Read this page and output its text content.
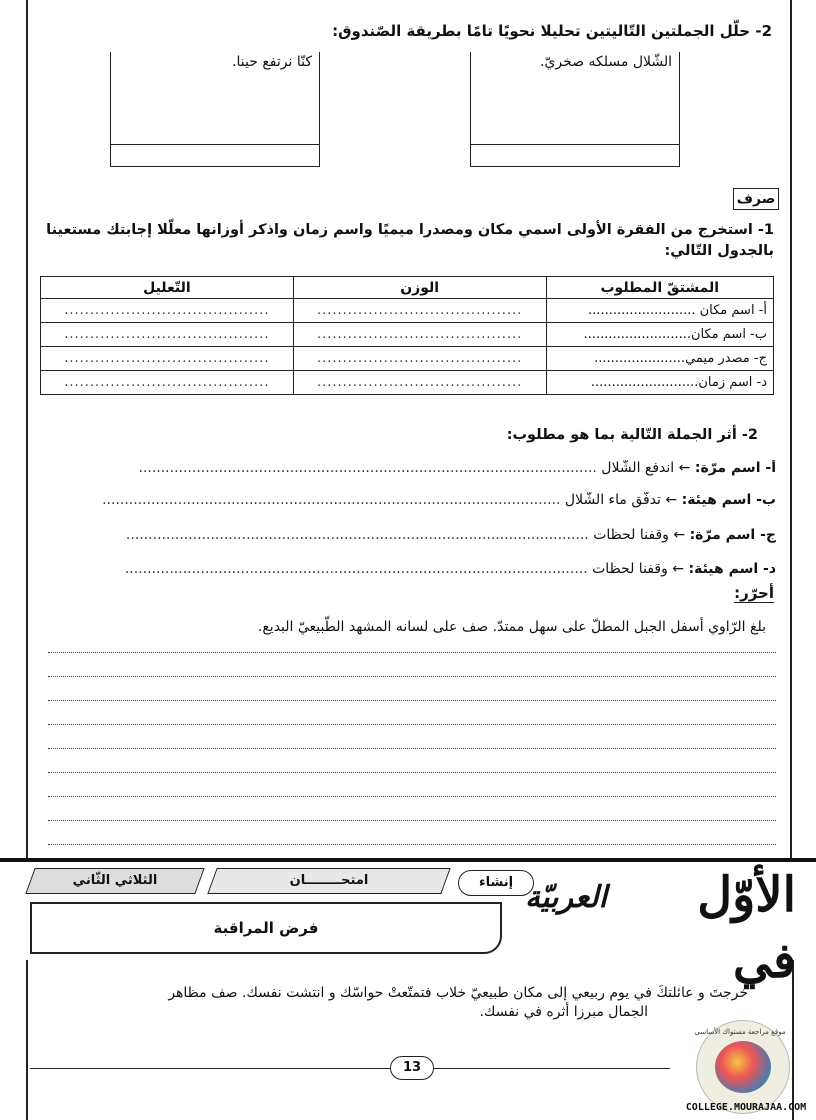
2- حلّل الجملتين التّاليتين تحليلا نحويًا تامًا بطريقة الصّندوق:
الشّلال مسلكه صخريّ.
كنّا نرتفع حينا.
صرف
1- استخرج من الفقرة الأولى اسمي مكان ومصدرا ميميًا واسم زمان واذكر أوزانها معلّلا إجابتك مستعينا بالجدول التّالي:
المشتقّ المطلوب	الوزن	التّعليل
أ- اسم مكان ..........................	........................................	........................................
ب- اسم مكان..........................	........................................	........................................
ج- مصدر ميمي......................	........................................	........................................
د- اسم زمان..........................	........................................	........................................
2- أثر الجملة التّالية بما هو مطلوب:
أ- اسم مرّة: ← اندفع الشّلال .......................................................................................................
ب- اسم هيئة: ← تدفّق ماء الشّلال .......................................................................................................
ج- اسم مرّة: ← وقفنا لحظات ........................................................................................................
د- اسم هيئة: ← وقفنا لحظات ........................................................................................................
أحرّر:
بلغ الرّاوي أسفل الجبل المطلّ على سهل ممتدّ. صف على لسانه المشهد الطّبيعيّ البديع.
الثلاثي الثّاني	امتحــــــــان	إنشاء
فرض المراقبة
الأوّل في
العربيّة
خرجتَ و عائلتكَ في يوم ربيعي إلى مكان طبيعيّ خلاب فتمتّعتْ حواسّك و انتشت نفسك. صف مظاهر
الجمال مبرزا أثره في نفسك.
13
موقع مراجعة مستواك الأساسي
COLLEGE.MOURAJAA.COM
